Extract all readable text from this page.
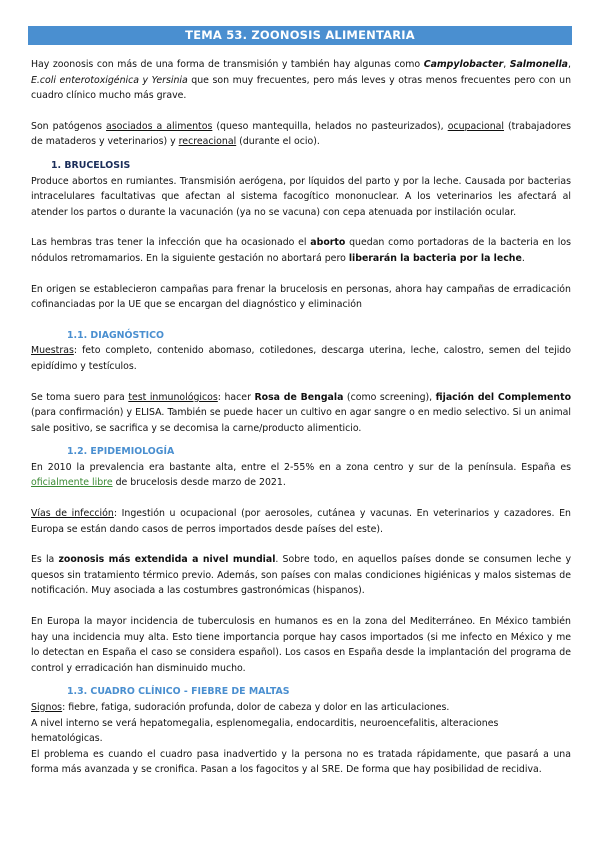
TEMA 53. ZOONOSIS ALIMENTARIA

Hay zoonosis con más de una forma de transmisión y también hay algunas como Campylobacter, Salmonella, E.coli enterotoxigénica y Yersinia que son muy frecuentes, pero más leves y otras menos frecuentes pero con un cuadro clínico mucho más grave.

Son patógenos asociados a alimentos (queso mantequilla, helados no pasteurizados), ocupacional (trabajadores de mataderos y veterinarios) y recreacional (durante el ocio).

1. BRUCELOSIS

Produce abortos en rumiantes. Transmisión aerógena, por líquidos del parto y por la leche. Causada por bacterias intracelulares facultativas que afectan al sistema facogítico mononuclear. A los veterinarios les afectará al atender los partos o durante la vacunación (ya no se vacuna) con cepa atenuada por instilación ocular.

Las hembras tras tener la infección que ha ocasionado el aborto quedan como portadoras de la bacteria en los nódulos retromamarios. En la siguiente gestación no abortará pero liberarán la bacteria por la leche.

En origen se establecieron campañas para frenar la brucelosis en personas, ahora hay campañas de erradicación cofinanciadas por la UE que se encargan del diagnóstico y eliminación

1.1. DIAGNÓSTICO

Muestras: feto completo, contenido abomaso, cotiledones, descarga uterina, leche, calostro, semen del tejido epidídimo y testículos.

Se toma suero para test inmunológicos: hacer Rosa de Bengala (como screening), fijación del Complemento (para confirmación) y ELISA. También se puede hacer un cultivo en agar sangre o en medio selectivo. Si un animal sale positivo, se sacrifica y se decomisa la carne/producto alimenticio.

1.2. EPIDEMIOLOGÍA

En 2010 la prevalencia era bastante alta, entre el 2-55% en a zona centro y sur de la península. España es oficialmente libre de brucelosis desde marzo de 2021.

Vías de infección: Ingestión u ocupacional (por aerosoles, cutánea y vacunas. En veterinarios y cazadores. En Europa se están dando casos de perros importados desde países del este).

Es la zoonosis más extendida a nivel mundial. Sobre todo, en aquellos países donde se consumen leche y quesos sin tratamiento térmico previo. Además, son países con malas condiciones higiénicas y malos sistemas de notificación. Muy asociada a las costumbres gastronómicas (hispanos).

En Europa la mayor incidencia de tuberculosis en humanos es en la zona del Mediterráneo. En México también hay una incidencia muy alta. Esto tiene importancia porque hay casos importados (si me infecto en México y me lo detectan en España el caso se considera español). Los casos en España desde la implantación del programa de control y erradicación han disminuido mucho.

1.3. CUADRO CLÍNICO - FIEBRE DE MALTAS

Signos: fiebre, fatiga, sudoración profunda, dolor de cabeza y dolor en las articulaciones.

A nivel interno se verá hepatomegalia, esplenomegalia, endocarditis, neuroencefalitis, alteraciones hematológicas.

El problema es cuando el cuadro pasa inadvertido y la persona no es tratada rápidamente, que pasará a una forma más avanzada y se cronifica. Pasan a los fagocitos y al SRE. De forma que hay posibilidad de recidiva.
